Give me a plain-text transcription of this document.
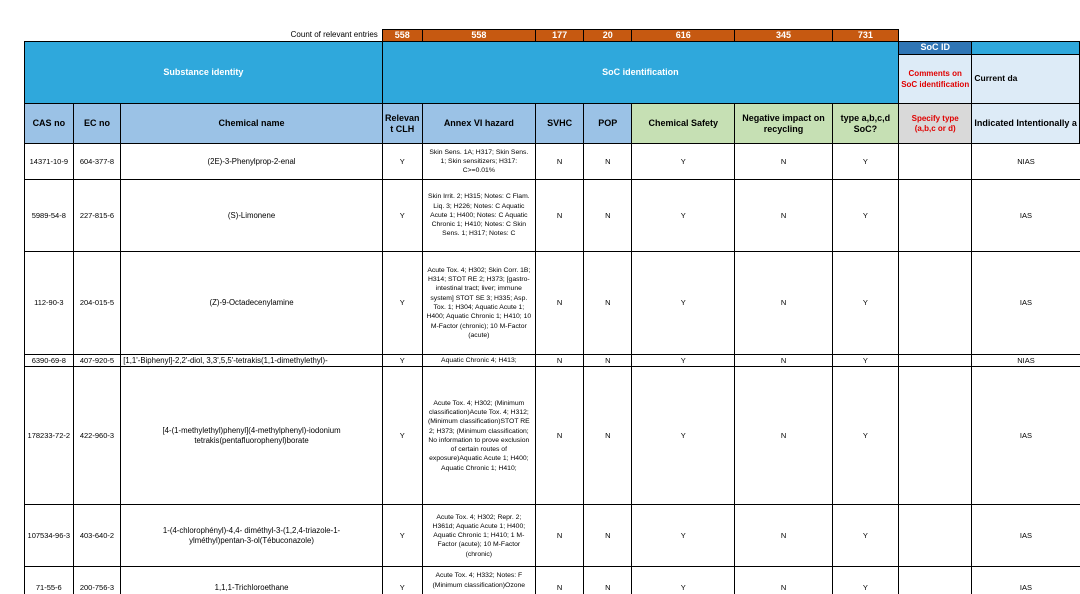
Count of relevant entries			558	558	177	20	616	345	731		
Substance identity			SoC identification							SoC ID	
										Comments on SoC identification	Current da
CAS no	EC no	Chemical name	Relevan t CLH	Annex VI hazard	SVHC	POP	Chemical Safety	Negative impact on recycling	type a,b,c,d SoC?	Specify type (a,b,c or d)	Indicated Intentionally a
14371-10-9	604-377-8	(2E)-3-Phenylprop-2-enal	Y	Skin Sens. 1A; H317; Skin Sens. 1; Skin sensitizers; H317: C>=0.01%	N	N	Y	N	Y		NIAS
5989-54-8	227-815-6	(S)-Limonene	Y	Skin Irrit. 2; H315; Notes: C Flam. Liq. 3; H226; Notes: C Aquatic Acute 1; H400; Notes: C Aquatic Chronic 1; H410; Notes: C Skin Sens. 1; H317; Notes: C	N	N	Y	N	Y		IAS
112-90-3	204-015-5	(Z)-9-Octadecenylamine	Y	Acute Tox. 4; H302; Skin Corr. 1B; H314; STOT RE 2; H373; [gastro-intestinal tract; liver; immune system] STOT SE 3; H335; Asp. Tox. 1; H304; Aquatic Acute 1; H400; Aquatic Chronic 1; H410; 10 M-Factor (chronic); 10 M-Factor (acute)	N	N	Y	N	Y		IAS
6390-69-8	407-920-5	[1,1'-Biphenyl]-2,2'-diol, 3,3',5,5'-tetrakis(1,1-dimethylethyl)-	Y	Aquatic Chronic 4; H413;	N	N	Y	N	Y		NIAS
178233-72-2	422-960-3	[4-(1-methylethyl)phenyl](4-methylphenyl)-iodonium tetrakis(pentafluorophenyl)borate	Y	Acute Tox. 4; H302; (Minimum classification)Acute Tox. 4; H312; (Minimum classification)STOT RE 2; H373; (Minimum classification; No information to prove exclusion of certain routes of exposure)Aquatic Acute 1; H400; Aquatic Chronic 1; H410;	N	N	Y	N	Y		IAS
107534-96-3	403-640-2	1-(4-chlorophényl)-4,4- diméthyl-3-(1,2,4-triazole-1-ylméthyl)pentan-3-ol(Tébuconazole)	Y	Acute Tox. 4; H302; Repr. 2; H361d; Aquatic Acute 1; H400; Aquatic Chronic 1; H410; 1 M-Factor (acute); 10 M-Factor (chronic)	N	N	Y	N	Y		IAS
71-55-6	200-756-3	1,1,1-Trichloroethane	Y	Acute Tox. 4; H332; Notes: F (Minimum classification)Ozone	N	N	Y	N	Y		IAS
